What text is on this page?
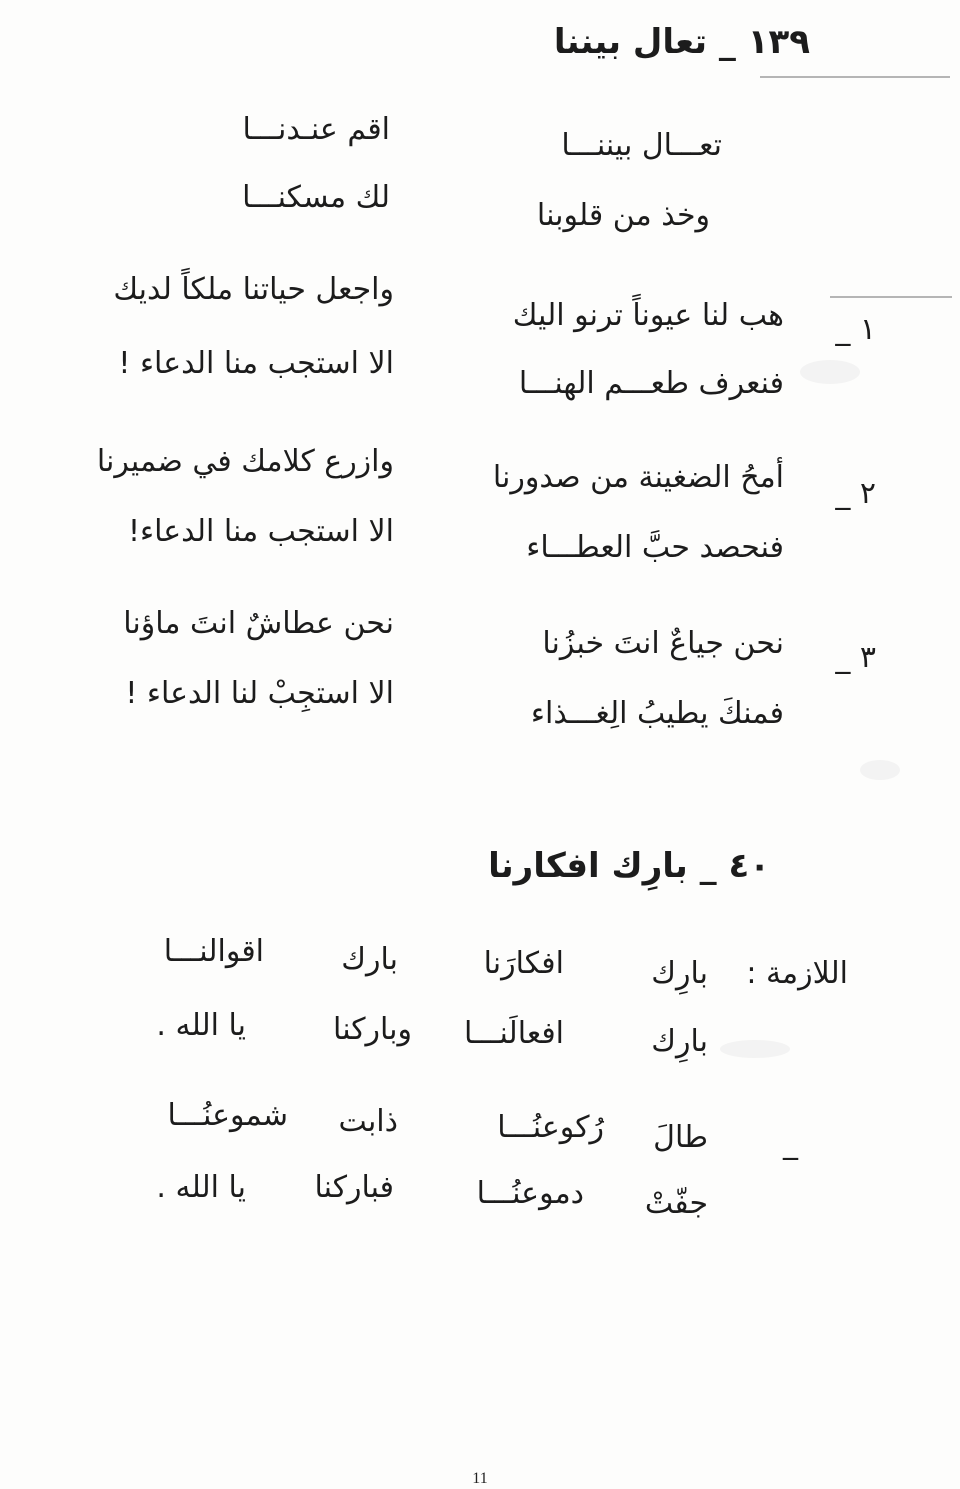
١٣٩ _ تعال بيننا
تعـــال بيننـــا
اقم عنـدنـــا
وخذ من قلوبنا
لك مسكنـــا
١ _
هب لنا عيوناً ترنو اليك
واجعل حياتنا ملكاً لديك
فنعرف طعـــم الهنـــا
الا استجب منا الدعاء !
٢ _
أمحُ الضغينة من صدورنا
وازرع كلامك في ضميرنا
فنحصد حبَّ العطـــاء
الا استجب منا الدعاء!
٣ _
نحن جياعٌ انتَ خبزُنا
نحن عطاشٌ انتَ ماؤنا
فمنكَ يطيبُ الِغـــذاء
الا استجِبْ لنا الدعاء !
٤٠ _ بارِك افكارنا
اللازمة :
بارِك
افكارَنا
بارك
اقوالنـــا
بارِك
افعالَنـــا
وباركنا
يا الله .
_
طالَ
رُكوعنُـــا
ذابت
شموعنُـــا
جفّتْ
دموعنُـــا
فباركنا
يا الله .
11
